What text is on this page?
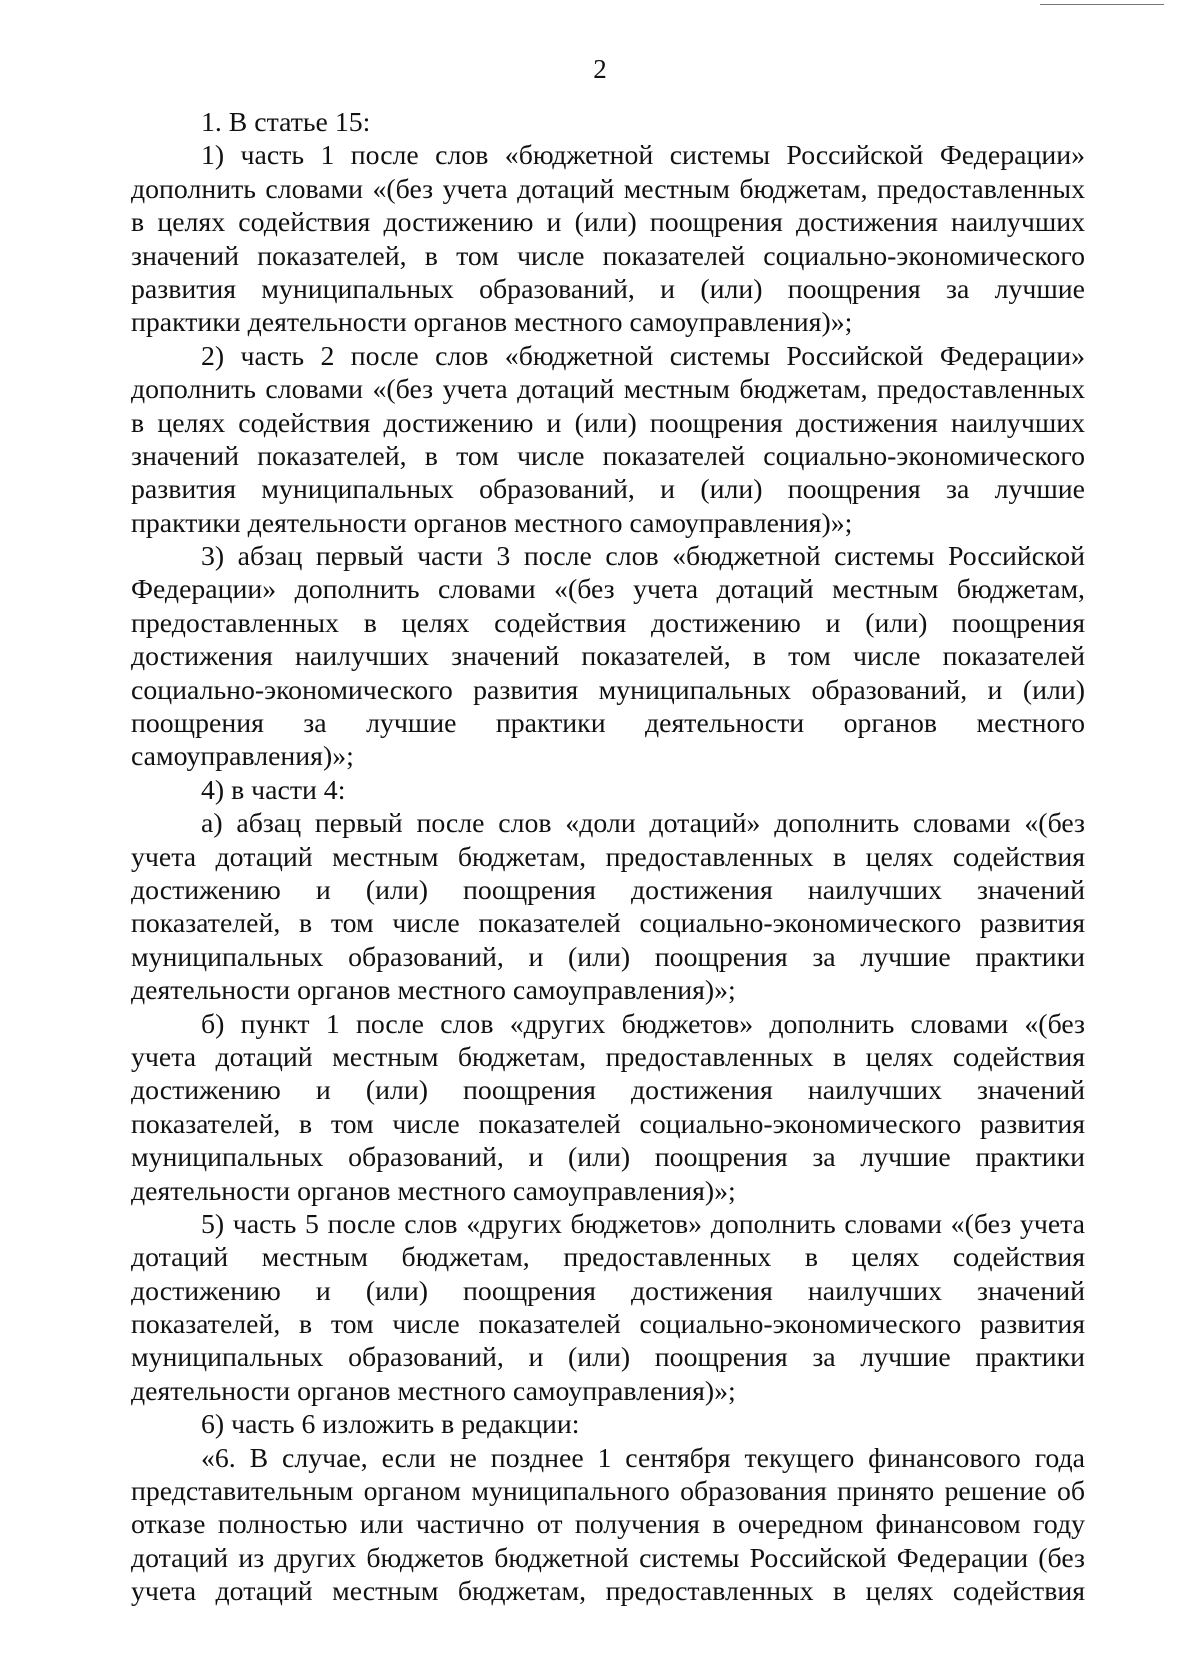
2
1. В статье 15:
1) часть 1 после слов «бюджетной системы Российской Федерации»
дополнить словами «(без учета дотаций местным бюджетам, предоставленных
в целях содействия достижению и (или) поощрения достижения наилучших
значений показателей, в том числе показателей социально-экономического
развития муниципальных образований, и (или) поощрения за лучшие
практики деятельности органов местного самоуправления)»;
2) часть 2 после слов «бюджетной системы Российской Федерации»
дополнить словами «(без учета дотаций местным бюджетам, предоставленных
в целях содействия достижению и (или) поощрения достижения наилучших
значений показателей, в том числе показателей социально-экономического
развития муниципальных образований, и (или) поощрения за лучшие
практики деятельности органов местного самоуправления)»;
3) абзац первый части 3 после слов «бюджетной системы Российской
Федерации» дополнить словами «(без учета дотаций местным бюджетам,
предоставленных в целях содействия достижению и (или) поощрения
достижения наилучших значений показателей, в том числе показателей
социально-экономического развития муниципальных образований, и (или)
поощрения за лучшие практики деятельности органов местного
самоуправления)»;
4) в части 4:
а) абзац первый после слов «доли дотаций» дополнить словами «(без
учета дотаций местным бюджетам, предоставленных в целях содействия
достижению и (или) поощрения достижения наилучших значений
показателей, в том числе показателей социально-экономического развития
муниципальных образований, и (или) поощрения за лучшие практики
деятельности органов местного самоуправления)»;
б) пункт 1 после слов «других бюджетов» дополнить словами «(без
учета дотаций местным бюджетам, предоставленных в целях содействия
достижению и (или) поощрения достижения наилучших значений
показателей, в том числе показателей социально-экономического развития
муниципальных образований, и (или) поощрения за лучшие практики
деятельности органов местного самоуправления)»;
5) часть 5 после слов «других бюджетов» дополнить словами «(без учета
дотаций местным бюджетам, предоставленных в целях содействия
достижению и (или) поощрения достижения наилучших значений
показателей, в том числе показателей социально-экономического развития
муниципальных образований, и (или) поощрения за лучшие практики
деятельности органов местного самоуправления)»;
6) часть 6 изложить в редакции:
«6. В случае, если не позднее 1 сентября текущего финансового года
представительным органом муниципального образования принято решение об
отказе полностью или частично от получения в очередном финансовом году
дотаций из других бюджетов бюджетной системы Российской Федерации (без
учета дотаций местным бюджетам, предоставленных в целях содействия
